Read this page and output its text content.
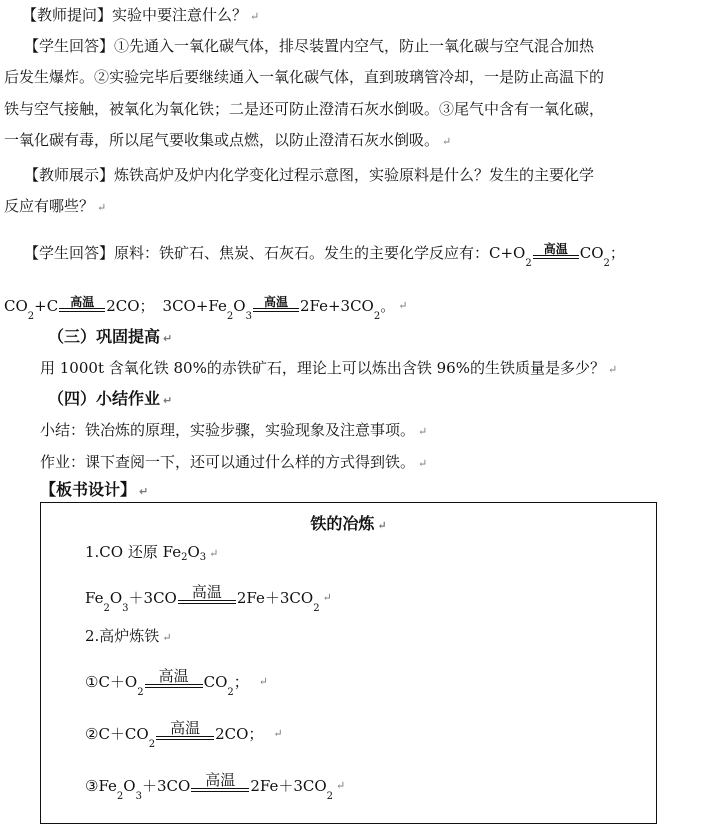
【教师提问】实验中要注意什么？ ↵
【学生回答】①先通入一氧化碳气体，排尽装置内空气，防止一氧化碳与空气混合加热
后发生爆炸。②实验完毕后要继续通入一氧化碳气体，直到玻璃管冷却，一是防止高温下的
铁与空气接触，被氧化为氧化铁；二是还可防止澄清石灰水倒吸。③尾气中含有一氧化碳，
一氧化碳有毒，所以尾气要收集或点燃，以防止澄清石灰水倒吸。 ↵
【教师展示】炼铁高炉及炉内化学变化过程示意图，实验原料是什么？发生的主要化学
反应有哪些？ ↵
【学生回答】原料：铁矿石、焦炭、石灰石。发生的主要化学反应有：C+O
2
高温 CO
2
；
CO
2
+C 高温 2CO； 3CO+Fe
2
O
3
高温 2Fe+3CO
2
。 ↵
（三）巩固提高 ↵
用 1000t 含氧化铁 80%的赤铁矿石，理论上可以炼出含铁 96%的生铁质量是多少？ ↵
（四）小结作业 ↵
小结：铁冶炼的原理，实验步骤，实验现象及注意事项。 ↵
作业：课下查阅一下，还可以通过什么样的方式得到铁。 ↵
【板书设计】 ↵
铁的冶炼 ↵
1.CO 还原 $Fe_2O_3$ ↵
Fe
2
O
3
＋3CO 高温 2Fe＋3CO
2
↵
2.高炉炼铁 ↵
①C＋O
2
高温 CO
2
； ↵
②C＋CO
2
高温 2CO； ↵
③Fe
2
O
3
＋3CO 高温 2Fe＋3CO
2
↵
